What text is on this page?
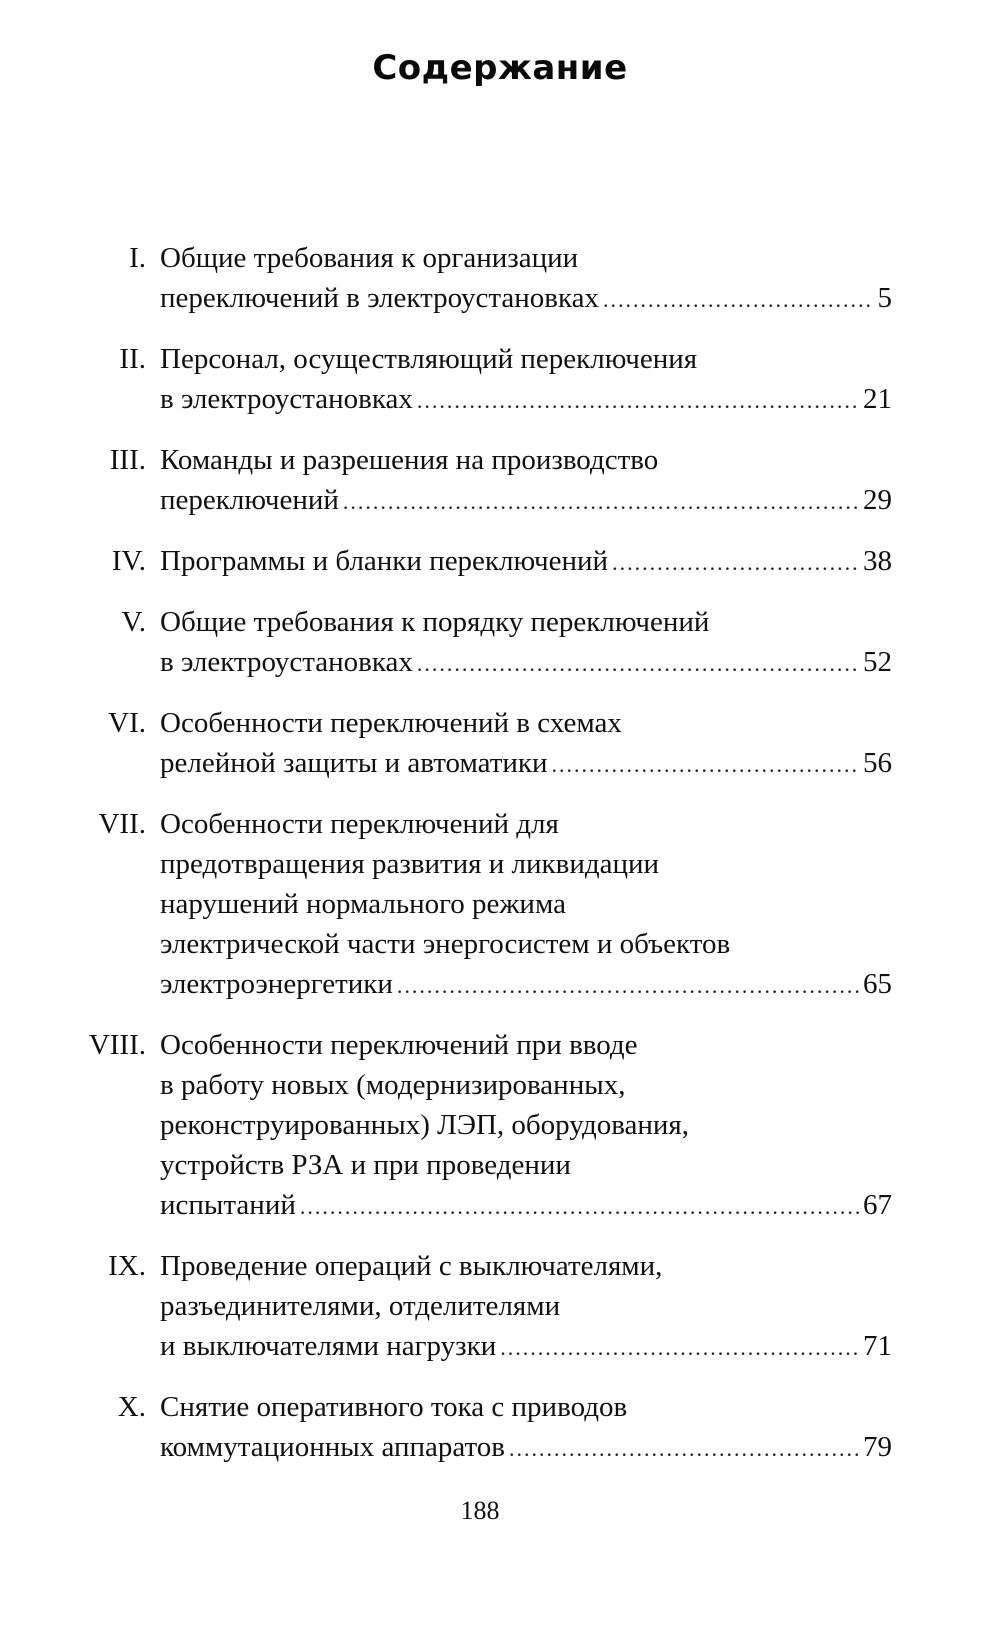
Содержание
I. Общие требования к организации
переключений в электроустановках .....	5
II. Персонал, осуществляющий переключения
в электроустановках .....	21
III. Команды и разрешения на производство
переключений .....	29
IV. Программы и бланки переключений .....	38
V. Общие требования к порядку переключений
в электроустановках .....	52
VI. Особенности переключений в схемах
релейной защиты и автоматики .....	56
VII. Особенности переключений для
предотвращения развития и ликвидации
нарушений нормального режима
электрической части энергосистем и объектов
электроэнергетики .....	65
VIII. Особенности переключений при вводе
в работу новых (модернизированных,
реконструированных) ЛЭП, оборудования,
устройств РЗА и при проведении
испытаний .....	67
IX. Проведение операций с выключателями,
разъединителями, отделителями
и выключателями нагрузки .....	71
X. Снятие оперативного тока с приводов
коммутационных аппаратов .....	79
188
